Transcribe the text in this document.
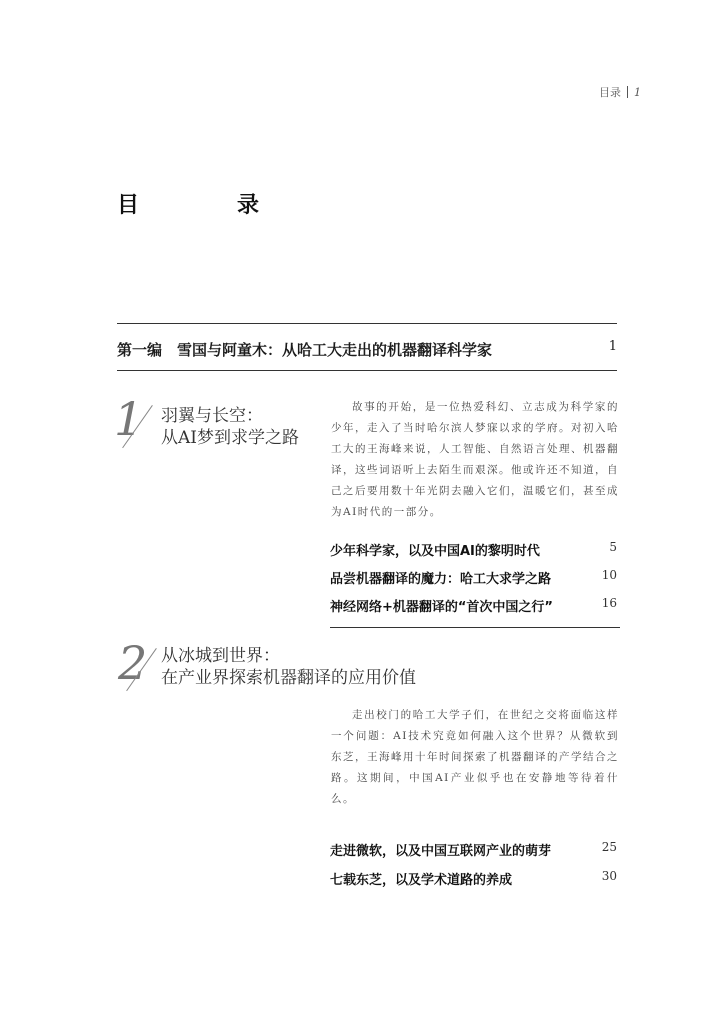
目录 1
目　录
第一编　雪国与阿童木：从哈工大走出的机器翻译科学家	1
1 羽翼与长空：
从AI梦到求学之路
故事的开始，是一位热爱科幻、立志成为科学家的少年，走入了当时哈尔滨人梦寐以求的学府。对初入哈工大的王海峰来说，人工智能、自然语言处理、机器翻译，这些词语听上去陌生而艰深。他或许还不知道，自己之后要用数十年光阴去融入它们，温暖它们，甚至成为AI时代的一部分。
少年科学家，以及中国AI的黎明时代	5
品尝机器翻译的魔力：哈工大求学之路	10
神经网络+机器翻译的“首次中国之行”	16
2 从冰城到世界：
在产业界探索机器翻译的应用价值
走出校门的哈工大学子们，在世纪之交将面临这样一个问题：AI技术究竟如何融入这个世界？从微软到东芝，王海峰用十年时间探索了机器翻译的产学结合之路。这期间，中国AI产业似乎也在安静地等待着什么。
走进微软，以及中国互联网产业的萌芽	25
七载东芝，以及学术道路的养成	30
